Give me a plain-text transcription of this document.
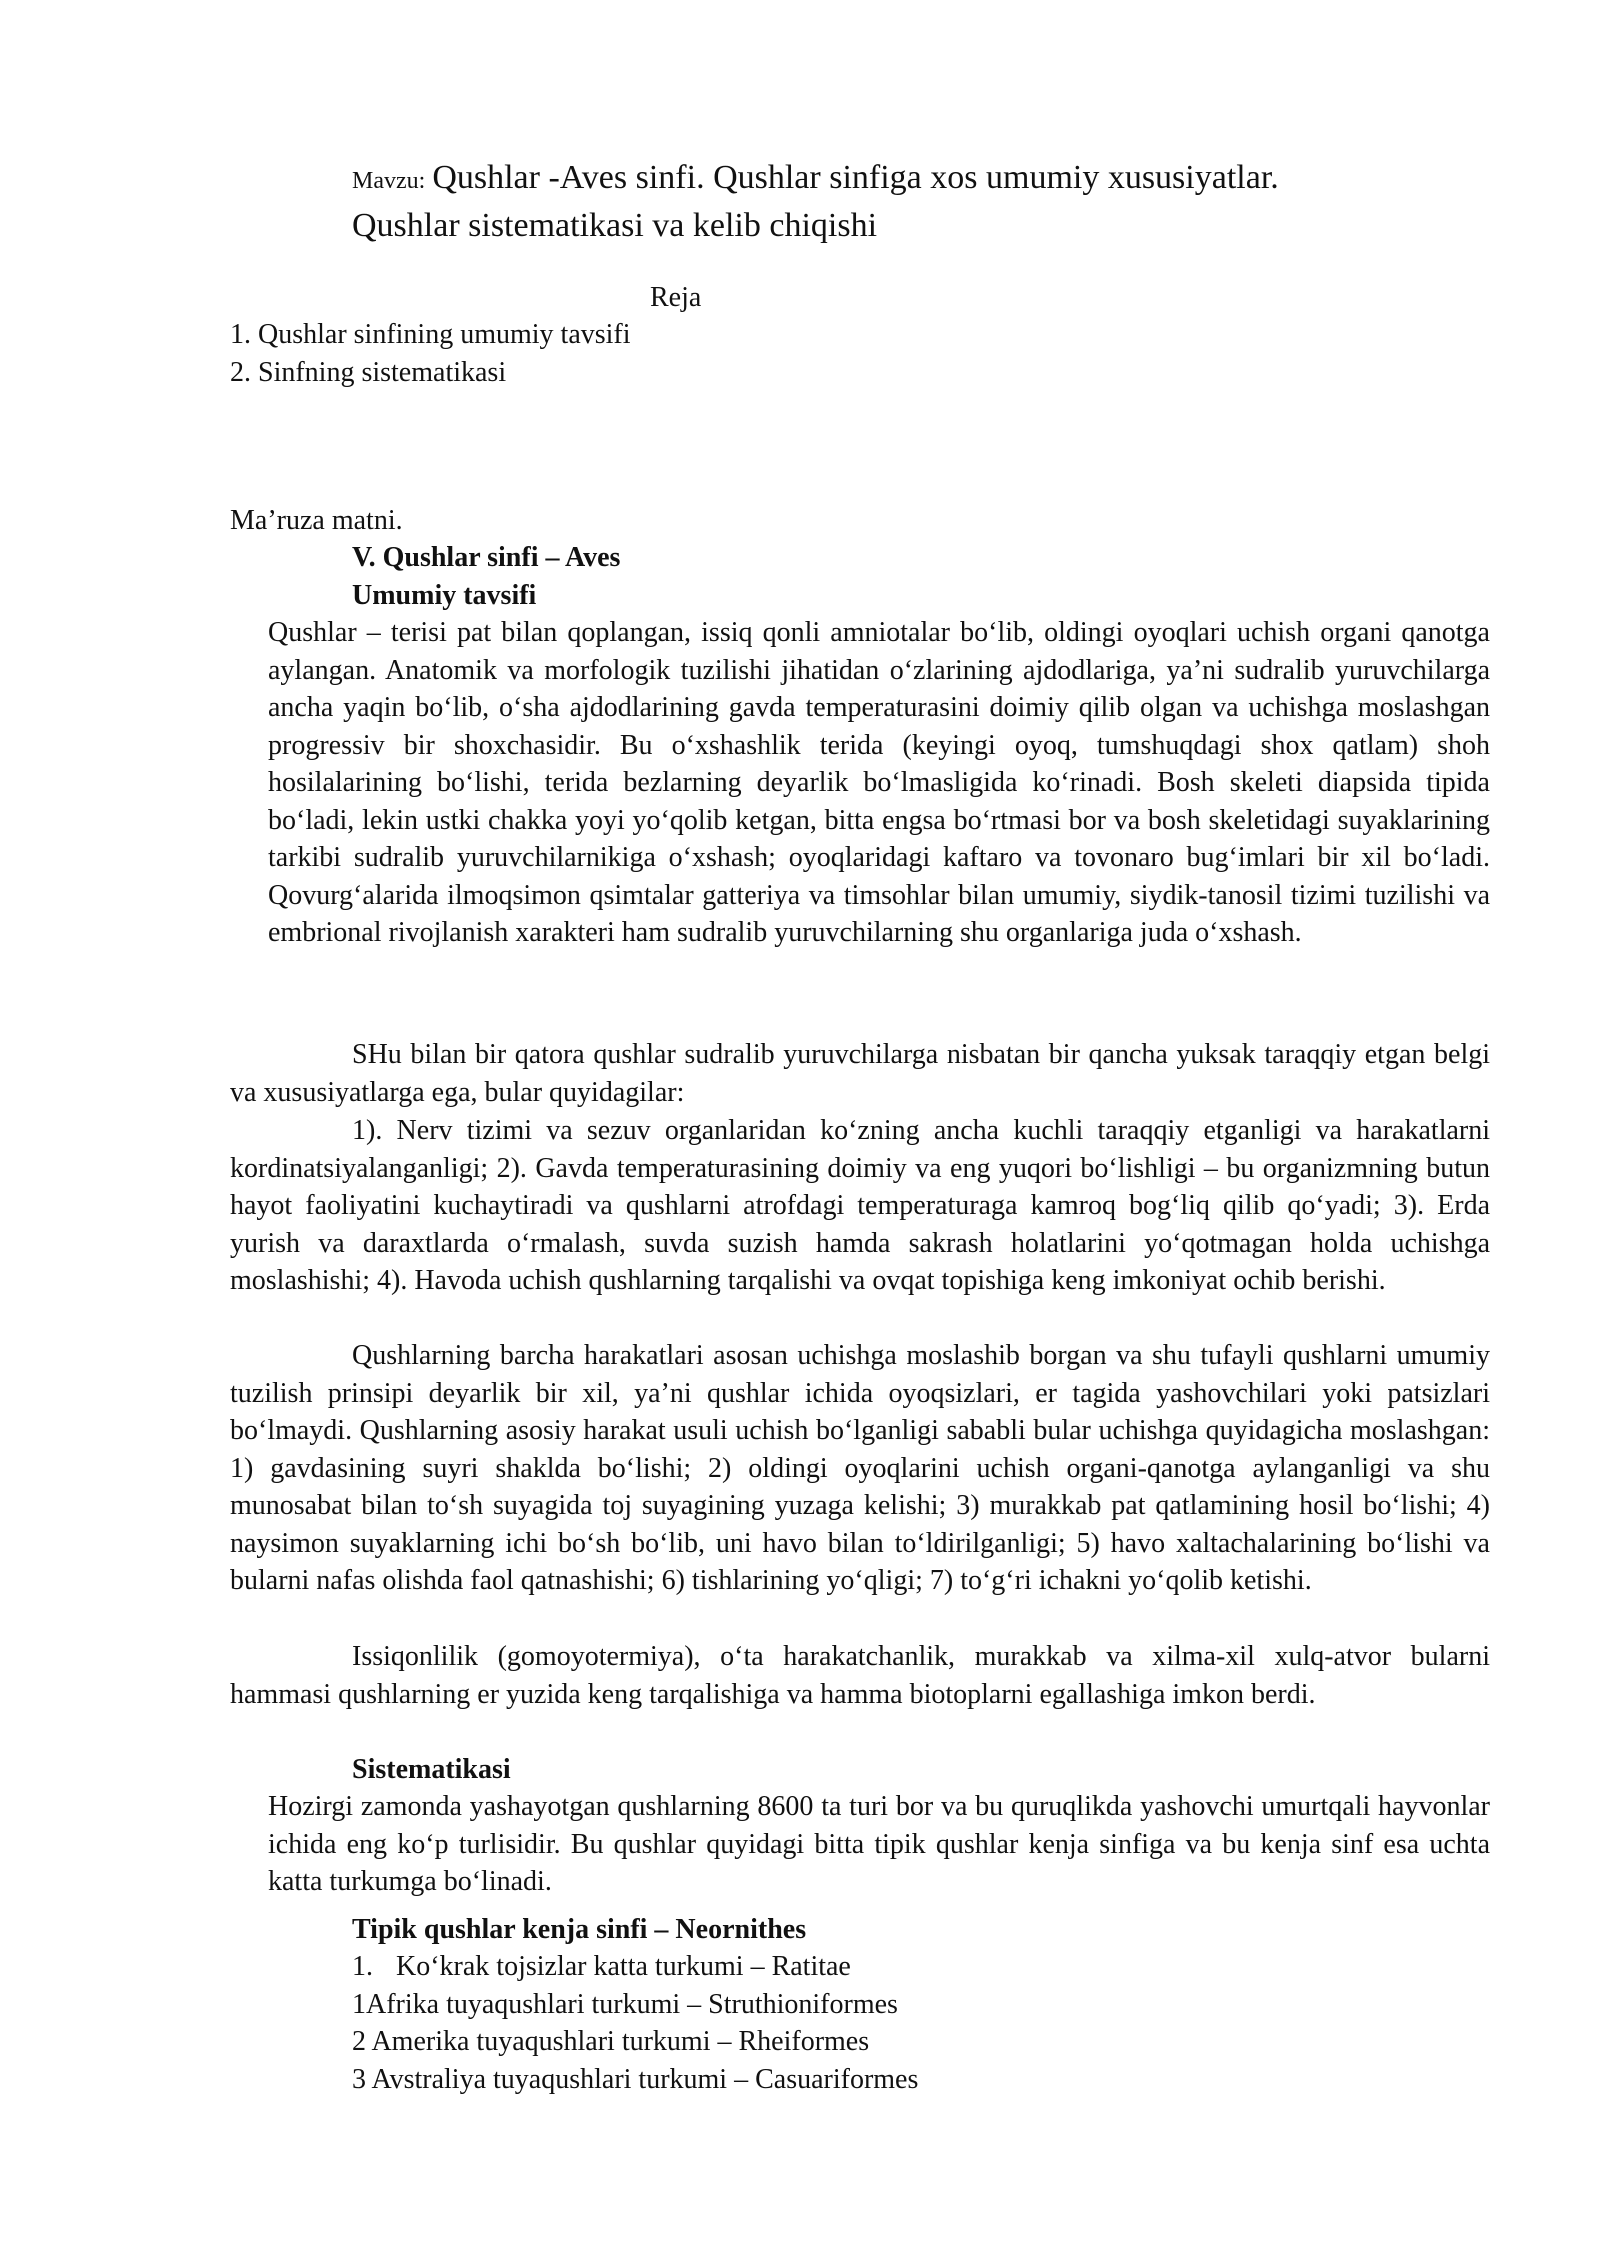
Mavzu: Qushlar -Aves sinfi. Qushlar sinfiga xos umumiy xususiyatlar.
Qushlar sistematikasi va kelib chiqishi
Reja
1. Qushlar sinfining umumiy tavsifi
2. Sinfning sistematikasi
Ma’ruza matni.
V. Qushlar sinfi – Aves
Umumiy tavsifi
Qushlar – terisi pat bilan qoplangan, issiq qonli amniotalar bo‘lib, oldingi oyoqlari uchish organi qanotga aylangan. Anatomik va morfologik tuzilishi jihatidan o‘zlarining ajdodlariga, ya’ni sudralib yuruvchilarga ancha yaqin bo‘lib, o‘sha ajdodlarining gavda temperaturasini doimiy qilib olgan va uchishga moslashgan progressiv bir shoxchasidir. Bu o‘xshashlik terida (keyingi oyoq, tumshuqdagi shox qatlam) shoh hosilalarining bo‘lishi, terida bezlarning deyarlik bo‘lmasligida ko‘rinadi. Bosh skeleti diapsida tipida bo‘ladi, lekin ustki chakka yoyi yo‘qolib ketgan, bitta engsa bo‘rtmasi bor va bosh skeletidagi suyaklarining tarkibi sudralib yuruvchilarnikiga o‘xshash; oyoqlaridagi kaftaro va tovonaro bug‘imlari bir xil bo‘ladi. Qovurg‘alarida ilmoqsimon qsimtalar gatteriya va timsohlar bilan umumiy, siydik-tanosil tizimi tuzilishi va embrional rivojlanish xarakteri ham sudralib yuruvchilarning shu organlariga juda o‘xshash.
SHu bilan bir qatora qushlar sudralib yuruvchilarga nisbatan bir qancha yuksak taraqqiy etgan belgi va xususiyatlarga ega, bular quyidagilar:
1). Nerv tizimi va sezuv organlaridan ko‘zning ancha kuchli taraqqiy etganligi va harakatlarni kordinatsiyalanganligi; 2). Gavda temperaturasining doimiy va eng yuqori bo‘lishligi – bu organizmning butun hayot faoliyatini kuchaytiradi va qushlarni atrofdagi temperaturaga kamroq bog‘liq qilib qo‘yadi; 3). Erda yurish va daraxtlarda o‘rmalash, suvda suzish hamda sakrash holatlarini yo‘qotmagan holda uchishga moslashishi; 4). Havoda uchish qushlarning tarqalishi va ovqat topishiga keng imkoniyat ochib berishi.
Qushlarning barcha harakatlari asosan uchishga moslashib borgan va shu tufayli qushlarni umumiy tuzilish prinsipi deyarlik bir xil, ya’ni qushlar ichida oyoqsizlari, er tagida yashovchilari yoki patsizlari bo‘lmaydi. Qushlarning asosiy harakat usuli uchish bo‘lganligi sababli bular uchishga quyidagicha moslashgan: 1) gavdasining suyri shaklda bo‘lishi; 2) oldingi oyoqlarini uchish organi-qanotga aylanganligi va shu munosabat bilan to‘sh suyagida toj suyagining yuzaga kelishi; 3) murakkab pat qatlamining hosil bo‘lishi; 4) naysimon suyaklarning ichi bo‘sh bo‘lib, uni havo bilan to‘ldirilganligi; 5) havo xaltachalarining bo‘lishi va bularni nafas olishda faol qatnashishi; 6) tishlarining yo‘qligi; 7) to‘g‘ri ichakni yo‘qolib ketishi.
Issiqonlilik (gomoyotermiya), o‘ta harakatchanlik, murakkab va xilma-xil xulq-atvor bularni hammasi qushlarning er yuzida keng tarqalishiga va hamma biotoplarni egallashiga imkon berdi.
Sistematikasi
Hozirgi zamonda yashayotgan qushlarning 8600 ta turi bor va bu quruqlikda yashovchi umurtqali hayvonlar ichida eng ko‘p turlisidir. Bu qushlar quyidagi bitta tipik qushlar kenja sinfiga va bu kenja sinf esa uchta katta turkumga bo‘linadi.
Tipik qushlar kenja sinfi – Neornithes
1. Ko‘krak tojsizlar katta turkumi – Ratitae
1Afrika tuyaqushlari turkumi – Struthioniformes
2 Amerika tuyaqushlari turkumi – Rheiformes
3 Avstraliya tuyaqushlari turkumi – Casuariformes
